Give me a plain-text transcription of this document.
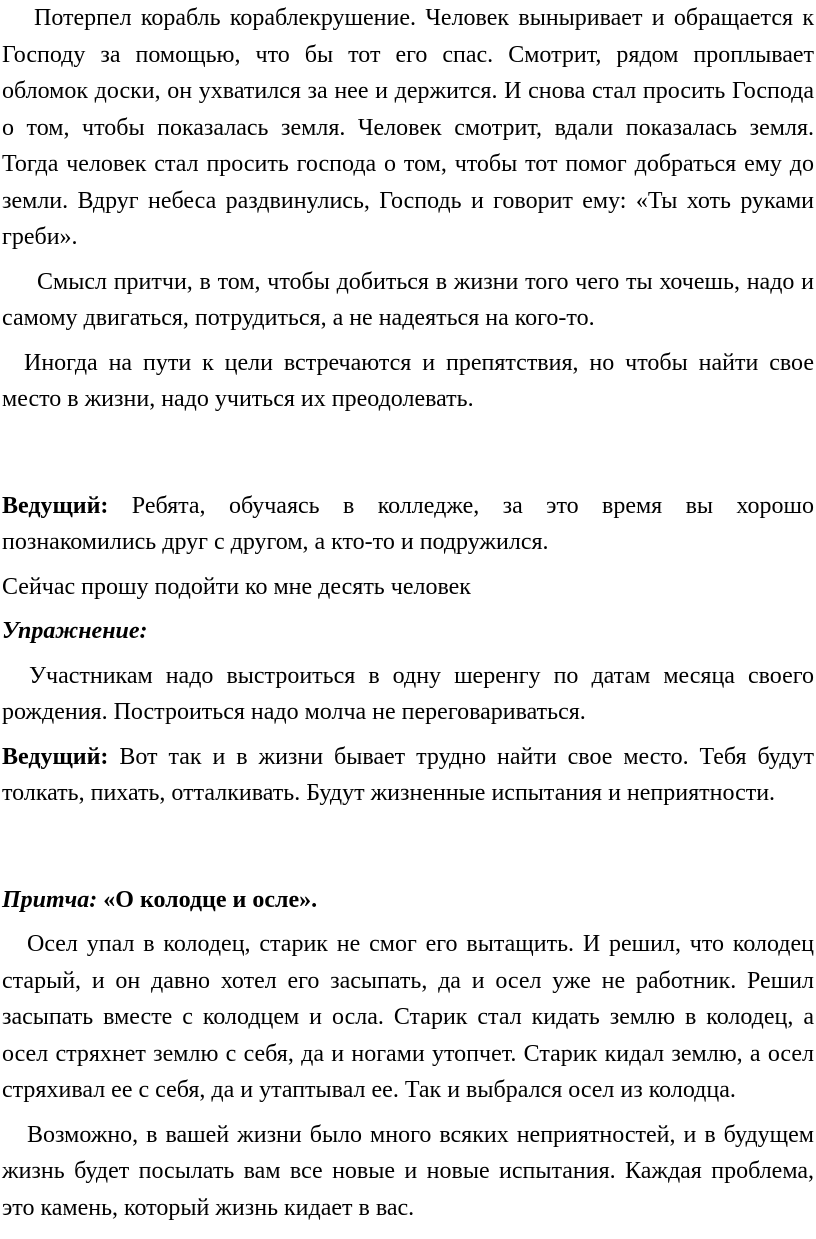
Потерпел корабль кораблекрушение. Человек выныривает и обращается к Господу за помощью, что бы тот его спас. Смотрит, рядом проплывает обломок доски, он ухватился за нее и держится. И снова стал просить Господа о том, чтобы показалась земля. Человек смотрит, вдали показалась земля. Тогда человек стал просить господа о том, чтобы тот помог добраться ему до земли. Вдруг небеса раздвинулись, Господь и говорит ему: «Ты хоть руками греби».

Смысл притчи, в том, чтобы добиться в жизни того чего ты хочешь, надо и самому двигаться, потрудиться, а не надеяться на кого-то.

Иногда на пути к цели встречаются и препятствия, но чтобы найти свое место в жизни, надо учиться их преодолевать.

Ведущий: Ребята, обучаясь в колледже, за это время вы хорошо познакомились друг с другом, а кто-то и подружился.

Сейчас прошу подойти ко мне десять человек

Упражнение:

Участникам надо выстроиться в одну шеренгу по датам месяца своего рождения. Построиться надо молча не переговариваться.

Ведущий: Вот так и в жизни бывает трудно найти свое место. Тебя будут толкать, пихать, отталкивать. Будут жизненные испытания и неприятности.

Притча: «О колодце и осле».

Осел упал в колодец, старик не смог его вытащить. И решил, что колодец старый, и он давно хотел его засыпать, да и осел уже не работник. Решил засыпать вместе с колодцем и осла. Старик стал кидать землю в колодец, а осел стряхнет землю с себя, да и ногами утопчет. Старик кидал землю, а осел стряхивал ее с себя, да и утаптывал ее. Так и выбрался осел из колодца.

Возможно, в вашей жизни было много всяких неприятностей, и в будущем жизнь будет посылать вам все новые и новые испытания. Каждая проблема, это камень, который жизнь кидает в вас.
